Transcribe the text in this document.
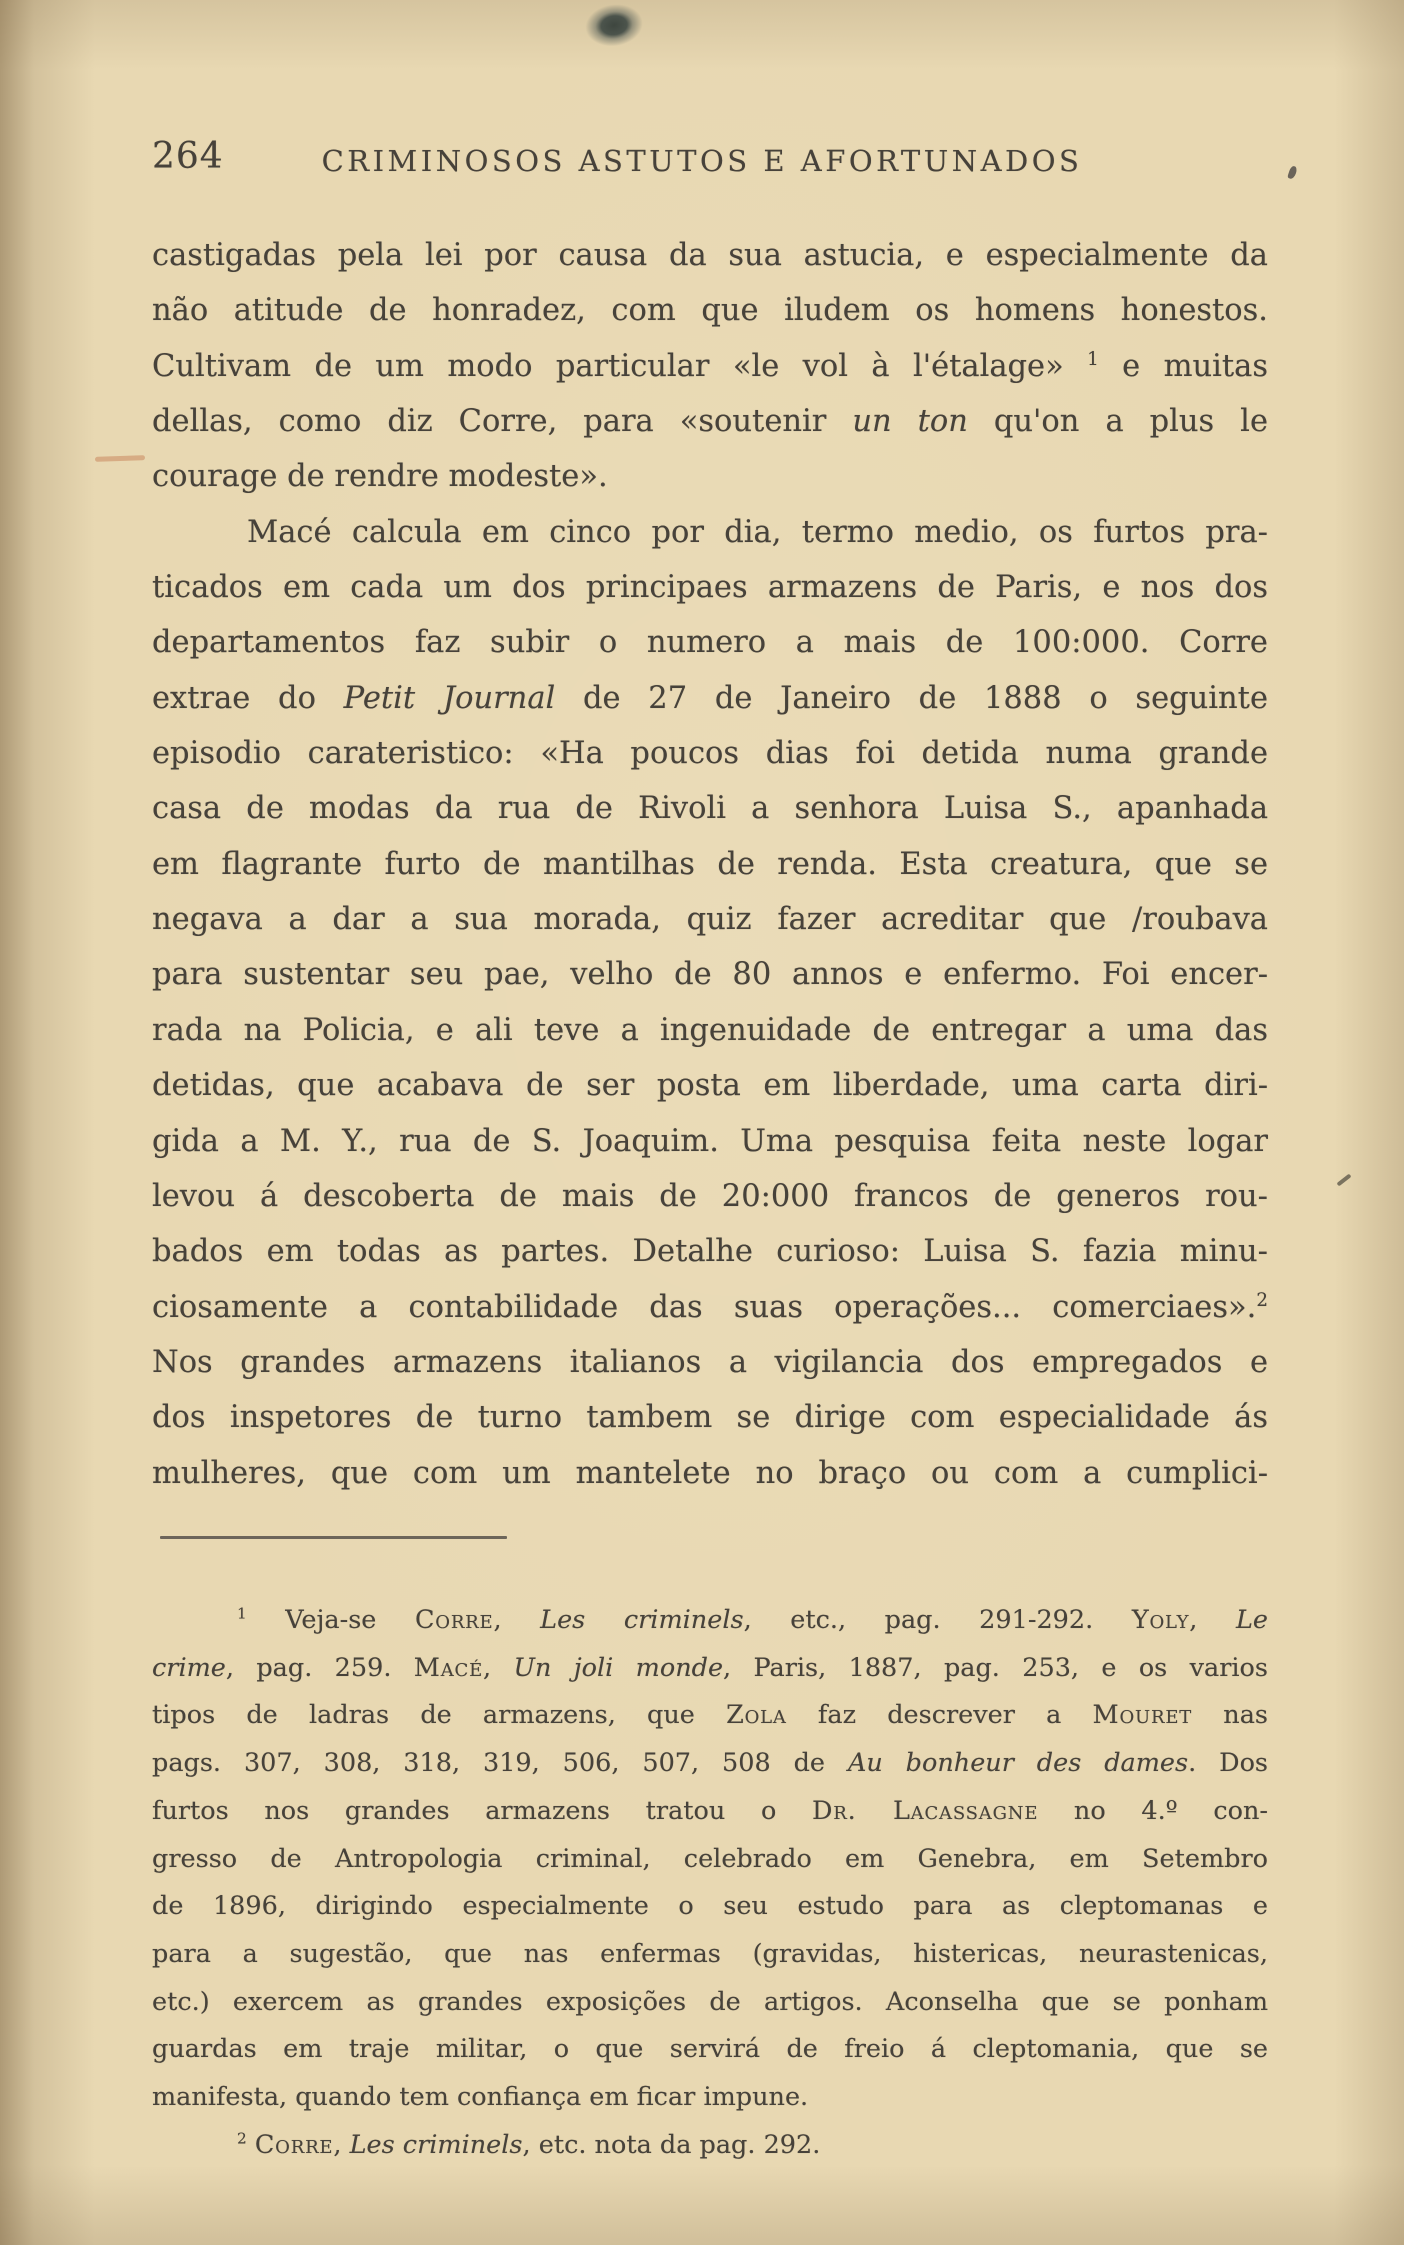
264	CRIMINOSOS ASTUTOS E AFORTUNADOS
castigadas pela lei por causa da sua astucia, e especialmente da
não atitude de honradez, com que iludem os homens honestos.
Cultivam de um modo particular «le vol à l'étalage» $^1$ e muitas
dellas, como diz Corre, para «soutenir un ton qu'on a plus le
courage de rendre modeste».
Macé calcula em cinco por dia, termo medio, os furtos pra-
ticados em cada um dos principaes armazens de Paris, e nos dos
departamentos faz subir o numero a mais de 100:000. Corre
extrae do Petit Journal de 27 de Janeiro de 1888 o seguinte
episodio carateristico: «Ha poucos dias foi detida numa grande
casa de modas da rua de Rivoli a senhora Luisa S., apanhada
em flagrante furto de mantilhas de renda. Esta creatura, que se
negava a dar a sua morada, quiz fazer acreditar que /roubava
para sustentar seu pae, velho de 80 annos e enfermo. Foi encer-
rada na Policia, e ali teve a ingenuidade de entregar a uma das
detidas, que acabava de ser posta em liberdade, uma carta diri-
gida a M. Y., rua de S. Joaquim. Uma pesquisa feita neste logar
levou á descoberta de mais de 20:000 francos de generos rou-
bados em todas as partes. Detalhe curioso: Luisa S. fazia minu-
ciosamente a contabilidade das suas operações... comerciaes».$^2$
Nos grandes armazens italianos a vigilancia dos empregados e
dos inspetores de turno tambem se dirige com especialidade ás
mulheres, que com um mantelete no braço ou com a cumplici-
$^1$ Veja-se Corre, Les criminels, etc., pag. 291-292. Yoly, Le
crime, pag. 259. Macé, Un joli monde, Paris, 1887, pag. 253, e os varios
tipos de ladras de armazens, que Zola faz descrever a Mouret nas
pags. 307, 308, 318, 319, 506, 507, 508 de Au bonheur des dames. Dos
furtos nos grandes armazens tratou o Dr. Lacassagne no 4.º con-
gresso de Antropologia criminal, celebrado em Genebra, em Setembro
de 1896, dirigindo especialmente o seu estudo para as cleptomanas e
para a sugestão, que nas enfermas (gravidas, histericas, neurastenicas,
etc.) exercem as grandes exposições de artigos. Aconselha que se ponham
guardas em traje militar, o que servirá de freio á cleptomania, que se
manifesta, quando tem confiança em ficar impune.
$^2$ Corre, Les criminels, etc. nota da pag. 292.
